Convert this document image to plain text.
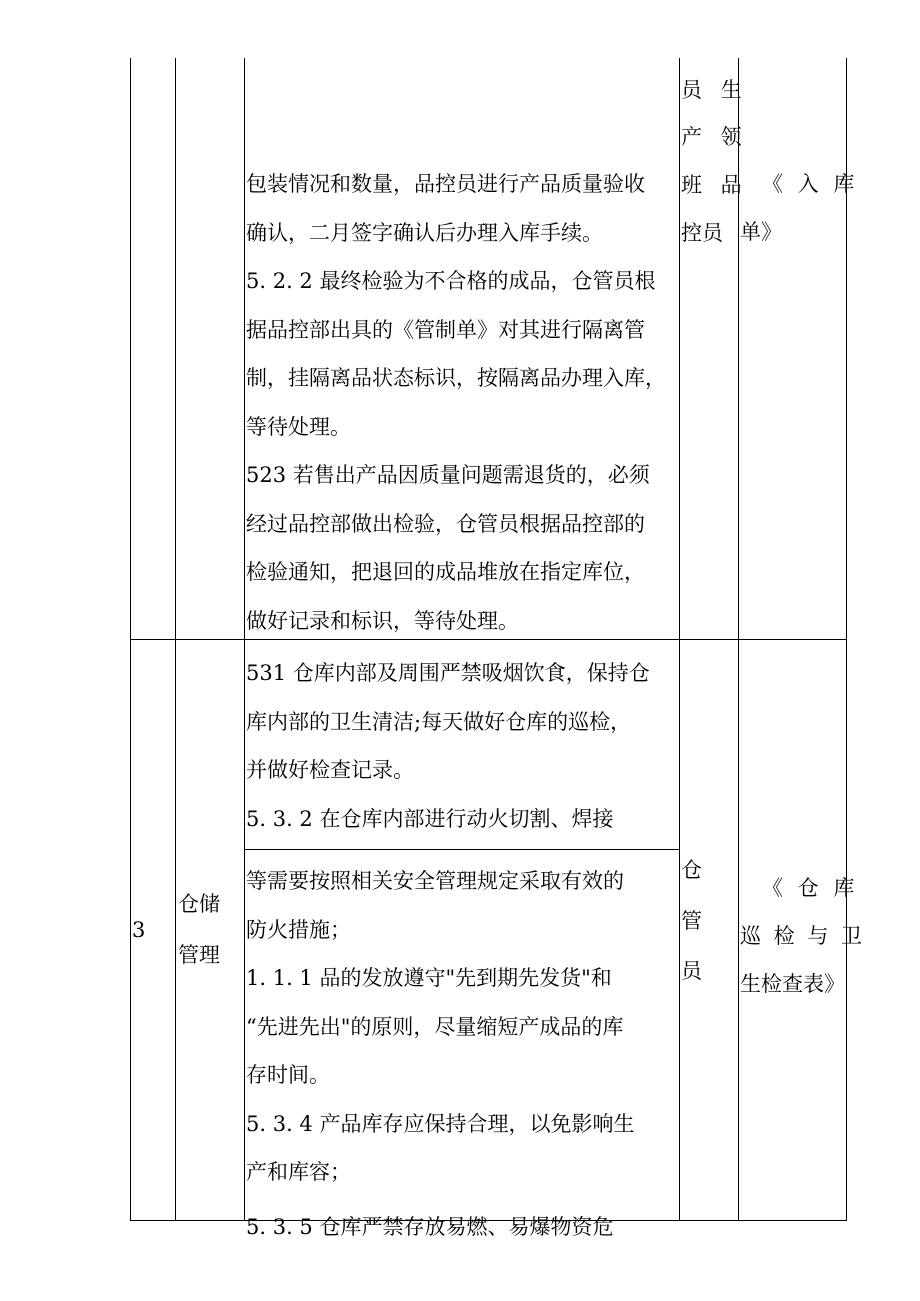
包装情况和数量，品控员进行产品质量验收
确认，二月签字确认后办理入库手续。
5. 2. 2 最终检验为不合格的成品，仓管员根
据品控部出具的《管制单》对其进行隔离管
制，挂隔离品状态标识，按隔离品办理入库，
等待处理。
523 若售出产品因质量问题需退货的，必须
经过品控部做出检验，仓管员根据品控部的
检验通知，把退回的成品堆放在指定库位，
做好记录和标识，等待处理。
员 生
产 领
班 品
控员
《 入 库
单》
3
仓储
管理
531 仓库内部及周围严禁吸烟饮食，保持仓
库内部的卫生清洁;每天做好仓库的巡检，
并做好检查记录。
5. 3. 2 在仓库内部进行动火切割、焊接
等需要按照相关安全管理规定采取有效的
防火措施；
1. 1. 1 品的发放遵守"先到期先发货"和
“先进先出"的原则，尽量缩短产成品的库
存时间。
5. 3. 4 产品库存应保持合理，以免影响生
产和库容；
5. 3. 5 仓库严禁存放易燃、易爆物资危
仓
管
员
《 仓 库
巡 检 与 卫
生检查表》
